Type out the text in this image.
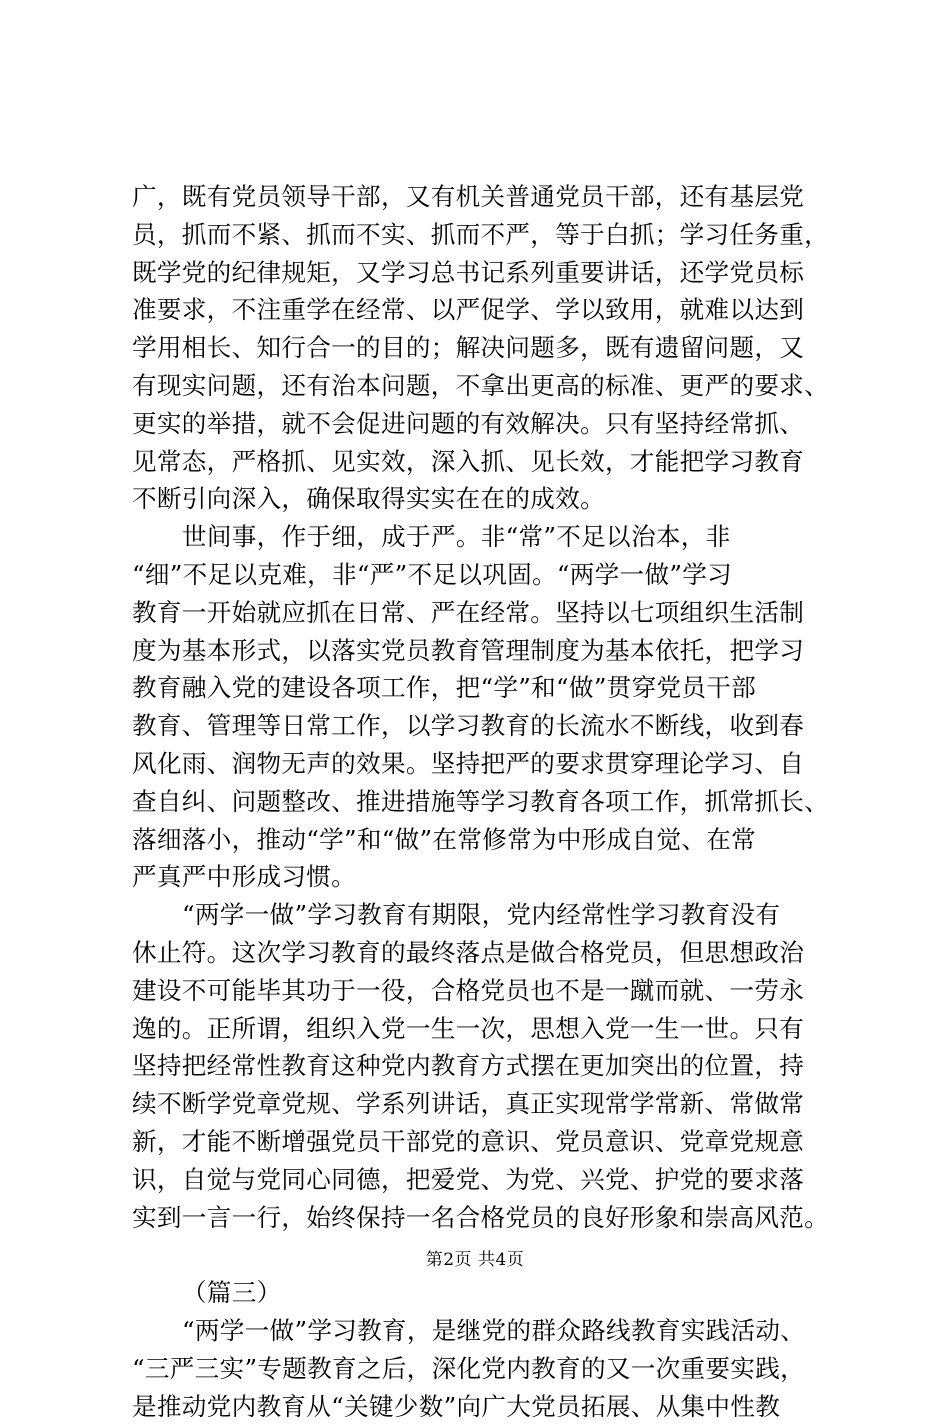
广，既有党员领导干部，又有机关普通党员干部，还有基层党
员，抓而不紧、抓而不实、抓而不严，等于白抓；学习任务重，
既学党的纪律规矩，又学习总书记系列重要讲话，还学党员标
准要求，不注重学在经常、以严促学、学以致用，就难以达到
学用相长、知行合一的目的；解决问题多，既有遗留问题，又
有现实问题，还有治本问题，不拿出更高的标准、更严的要求、
更实的举措，就不会促进问题的有效解决。只有坚持经常抓、
见常态，严格抓、见实效，深入抓、见长效，才能把学习教育
不断引向深入，确保取得实实在在的成效。
世间事，作于细，成于严。非“常”不足以治本，非
“细”不足以克难，非“严”不足以巩固。“两学一做”学习
教育一开始就应抓在日常、严在经常。坚持以七项组织生活制
度为基本形式，以落实党员教育管理制度为基本依托，把学习
教育融入党的建设各项工作，把“学”和“做”贯穿党员干部
教育、管理等日常工作，以学习教育的长流水不断线，收到春
风化雨、润物无声的效果。坚持把严的要求贯穿理论学习、自
查自纠、问题整改、推进措施等学习教育各项工作，抓常抓长、
落细落小，推动“学”和“做”在常修常为中形成自觉、在常
严真严中形成习惯。
“两学一做”学习教育有期限，党内经常性学习教育没有
休止符。这次学习教育的最终落点是做合格党员，但思想政治
建设不可能毕其功于一役，合格党员也不是一蹴而就、一劳永
逸的。正所谓，组织入党一生一次，思想入党一生一世。只有
坚持把经常性教育这种党内教育方式摆在更加突出的位置，持
续不断学党章党规、学系列讲话，真正实现常学常新、常做常
新，才能不断增强党员干部党的意识、党员意识、党章党规意
识，自觉与党同心同德，把爱党、为党、兴党、护党的要求落
实到一言一行，始终保持一名合格党员的良好形象和崇高风范。
（篇三）
“两学一做”学习教育，是继党的群众路线教育实践活动、
“三严三实”专题教育之后，深化党内教育的又一次重要实践，
是推动党内教育从“关键少数”向广大党员拓展、从集中性教
第2页 共4页
